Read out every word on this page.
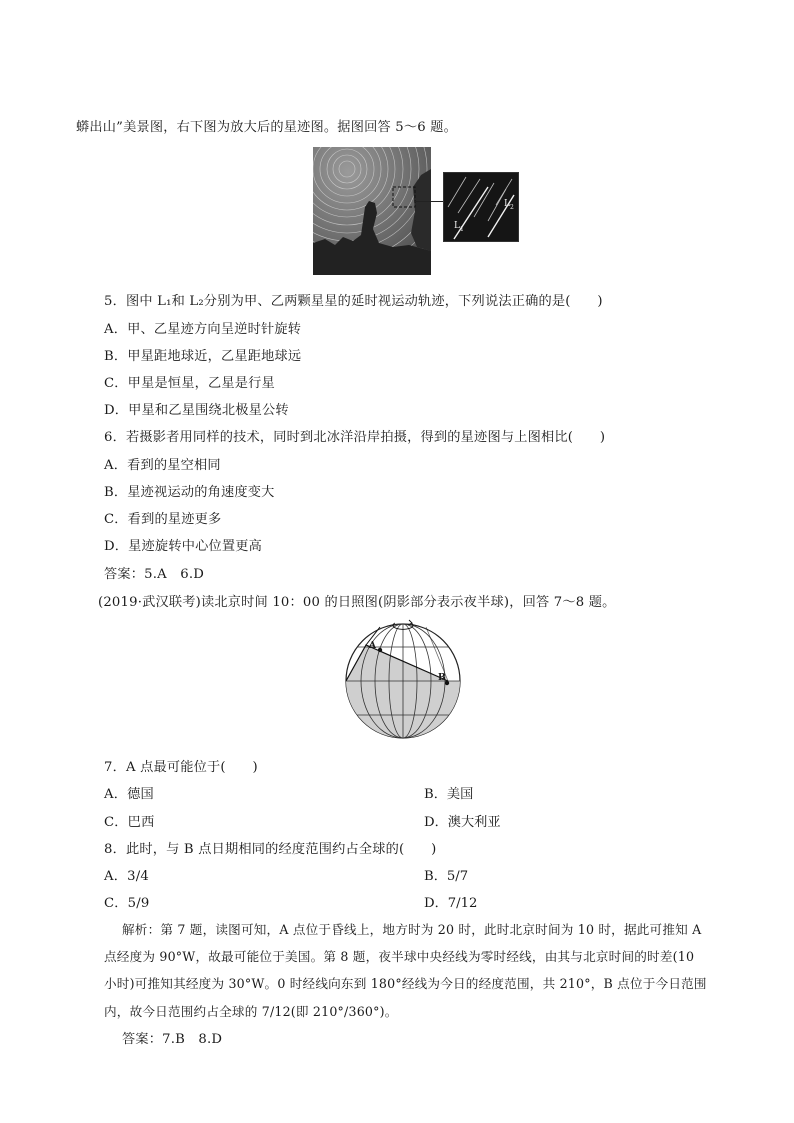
蟒出山”美景图，右下图为放大后的星迹图。据图回答 5～6 题。
$L_1$
$L_2$
5．图中 L₁和 L₂分别为甲、乙两颗星星的延时视运动轨迹，下列说法正确的是(　　)
A．甲、乙星迹方向呈逆时针旋转
B．甲星距地球近，乙星距地球远
C．甲星是恒星，乙星是行星
D．甲星和乙星围绕北极星公转
6．若摄影者用同样的技术，同时到北冰洋沿岸拍摄，得到的星迹图与上图相比(　　)
A．看到的星空相同
B．星迹视运动的角速度变大
C．看到的星迹更多
D．星迹旋转中心位置更高
答案：5.A　6.D
(2019·武汉联考)读北京时间 10：00 的日照图(阴影部分表示夜半球)，回答 7～8 题。
A
B
7．A 点最可能位于(　　)
A．德国	B．美国
C．巴西	D．澳大利亚
8．此时，与 B 点日期相同的经度范围约占全球的(　　)
A．3/4	B．5/7
C．5/9	D．7/12
解析：第 7 题，读图可知，A 点位于昏线上，地方时为 20 时，此时北京时间为 10 时，据此可推知 A
点经度为 90°W，故最可能位于美国。第 8 题，夜半球中央经线为零时经线，由其与北京时间的时差(10
小时)可推知其经度为 30°W。0 时经线向东到 180°经线为今日的经度范围，共 210°，B 点位于今日范围
内，故今日范围约占全球的 7/12(即 210°/360°)。
答案：7.B　8.D
